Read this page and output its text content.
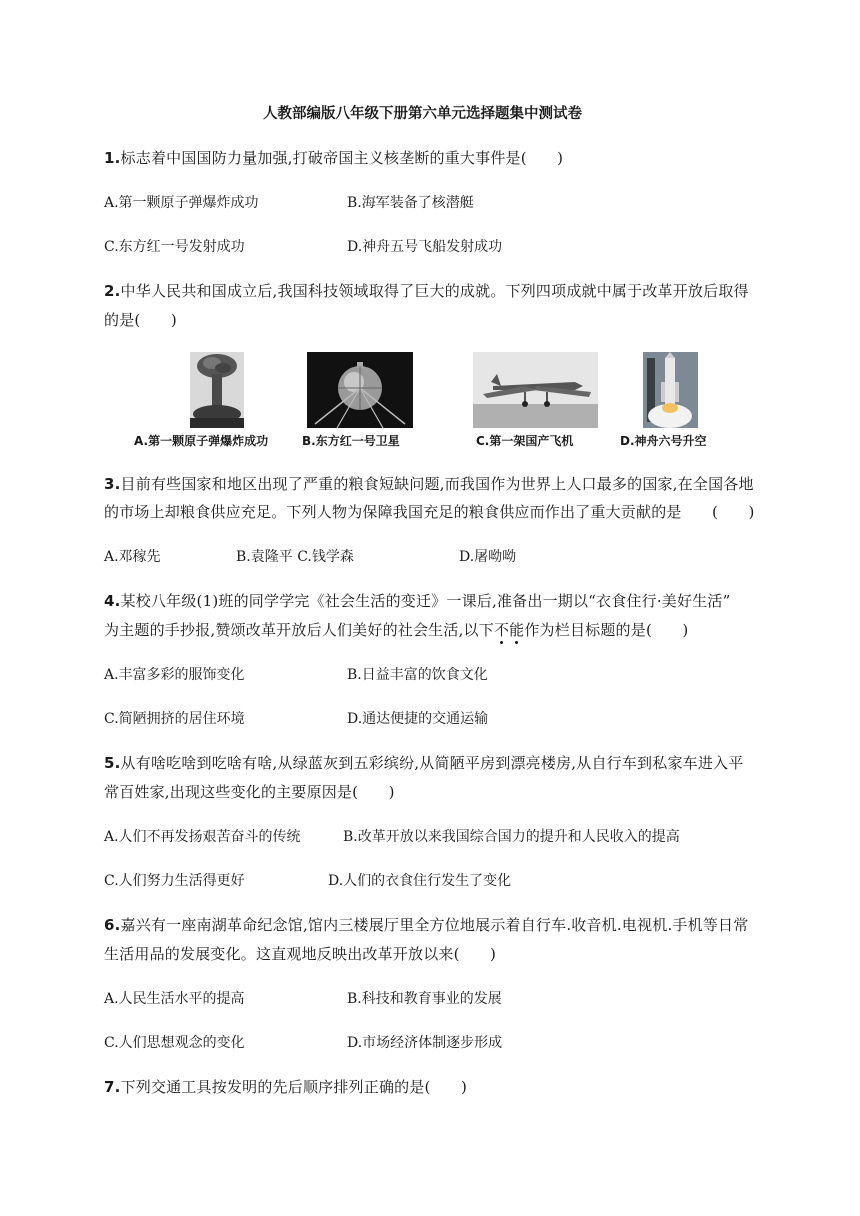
人教部编版八年级下册第六单元选择题集中测试卷
1.标志着中国国防力量加强,打破帝国主义核垄断的重大事件是(　　)
A.第一颗原子弹爆炸成功	B.海军装备了核潜艇
C.东方红一号发射成功	D.神舟五号飞船发射成功
2.中华人民共和国成立后,我国科技领域取得了巨大的成就。下列四项成就中属于改革开放后取得
的是(　　)
A.第一颗原子弹爆炸成功	B.东方红一号卫星	C.第一架国产飞机	D.神舟六号升空
3.目前有些国家和地区出现了严重的粮食短缺问题,而我国作为世界上人口最多的国家,在全国各地
的市场上却粮食供应充足。下列人物为保障我国充足的粮食供应而作出了重大贡献的是　　(　　)
A.邓稼先	B.袁隆平 C.钱学森	D.屠呦呦
4.某校八年级(1)班的同学学完《社会生活的变迁》一课后,准备出一期以“衣食住行·美好生活”
为主题的手抄报,赞颂改革开放后人们美好的社会生活,以下不能作为栏目标题的是(　　)
A.丰富多彩的服饰变化	B.日益丰富的饮食文化
C.简陋拥挤的居住环境	D.通达便捷的交通运输
5.从有啥吃啥到吃啥有啥,从绿蓝灰到五彩缤纷,从简陋平房到漂亮楼房,从自行车到私家车进入平
常百姓家,出现这些变化的主要原因是(　　)
A.人们不再发扬艰苦奋斗的传统	B.改革开放以来我国综合国力的提升和人民收入的提高
C.人们努力生活得更好	D.人们的衣食住行发生了变化
6.嘉兴有一座南湖革命纪念馆,馆内三楼展厅里全方位地展示着自行车.收音机.电视机.手机等日常
生活用品的发展变化。这直观地反映出改革开放以来(　　)
A.人民生活水平的提高	B.科技和教育事业的发展
C.人们思想观念的变化	D.市场经济体制逐步形成
7.下列交通工具按发明的先后顺序排列正确的是(　　)
